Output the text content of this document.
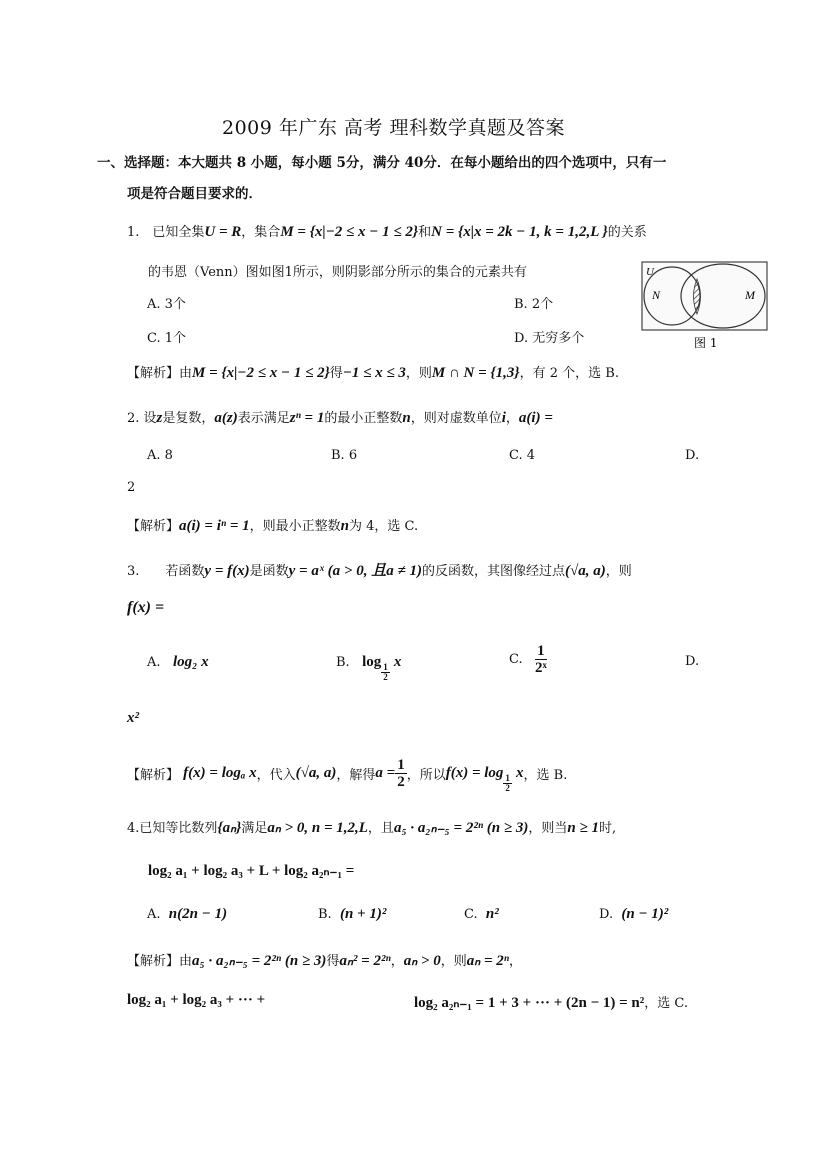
2009 年广东 高考 理科数学真题及答案
一、选择题：本大题共 8 小题，每小题 5分，满分 40分．在每小题给出的四个选项中，只有一
项是符合题目要求的．
1.　已知全集U = R，集合M = {x|−2 ≤ x − 1 ≤ 2}和N = {x|x = 2k − 1, k = 1,2,L }的关系
的韦恩（Venn）图如图1所示，则阴影部分所示的集合的元素共有
A. 3个	B. 2个
C. 1个	D. 无穷多个
U
N	M
图 1
【解析】由M = {x|−2 ≤ x − 1 ≤ 2}得−1 ≤ x ≤ 3，则M ∩ N = {1,3}，有 2 个，选 B.
2. 设z是复数，a(z)表示满足zⁿ = 1的最小正整数n，则对虚数单位i，a(i) =
A. 8	B. 6	C. 4	D.
2
【解析】a(i) = iⁿ = 1，则最小正整数n为 4，选 C.
3.　　若函数y = f(x)是函数y = aˣ (a > 0, 且a ≠ 1)的反函数，其图像经过点(√a, a)，则
f(x) =
A. log₂ x	B. log
$\frac{1}{2}$
x	C. $\frac{1}{\text{2ˣ}}$	D.
x²
【解析】 f(x) = logₐ x，代入(√a, a)，解得$a = \frac{1}{2}$ ，所以f(x) = log
$\frac{1}{2}$
x，选 B.
4.已知等比数列{aₙ}满足aₙ > 0, n = 1,2,L，且a₅ · a₂ₙ₋₅ = 2²ⁿ (n ≥ 3)，则当n ≥ 1时,
log₂ a₁ + log₂ a₃ + L + log₂ a₂ₙ₋₁ =
A. n(2n − 1)	B. (n + 1)²	C. n²	D. (n − 1)²
【解析】由a₅ · a₂ₙ₋₅ = 2²ⁿ (n ≥ 3)得aₙ² = 2²ⁿ，aₙ > 0，则aₙ = 2ⁿ，
log₂ a₁ + log₂ a₃ + ··· +	log₂ a₂ₙ₋₁ = 1 + 3 + ··· + (2n − 1) = n²，选 C.
